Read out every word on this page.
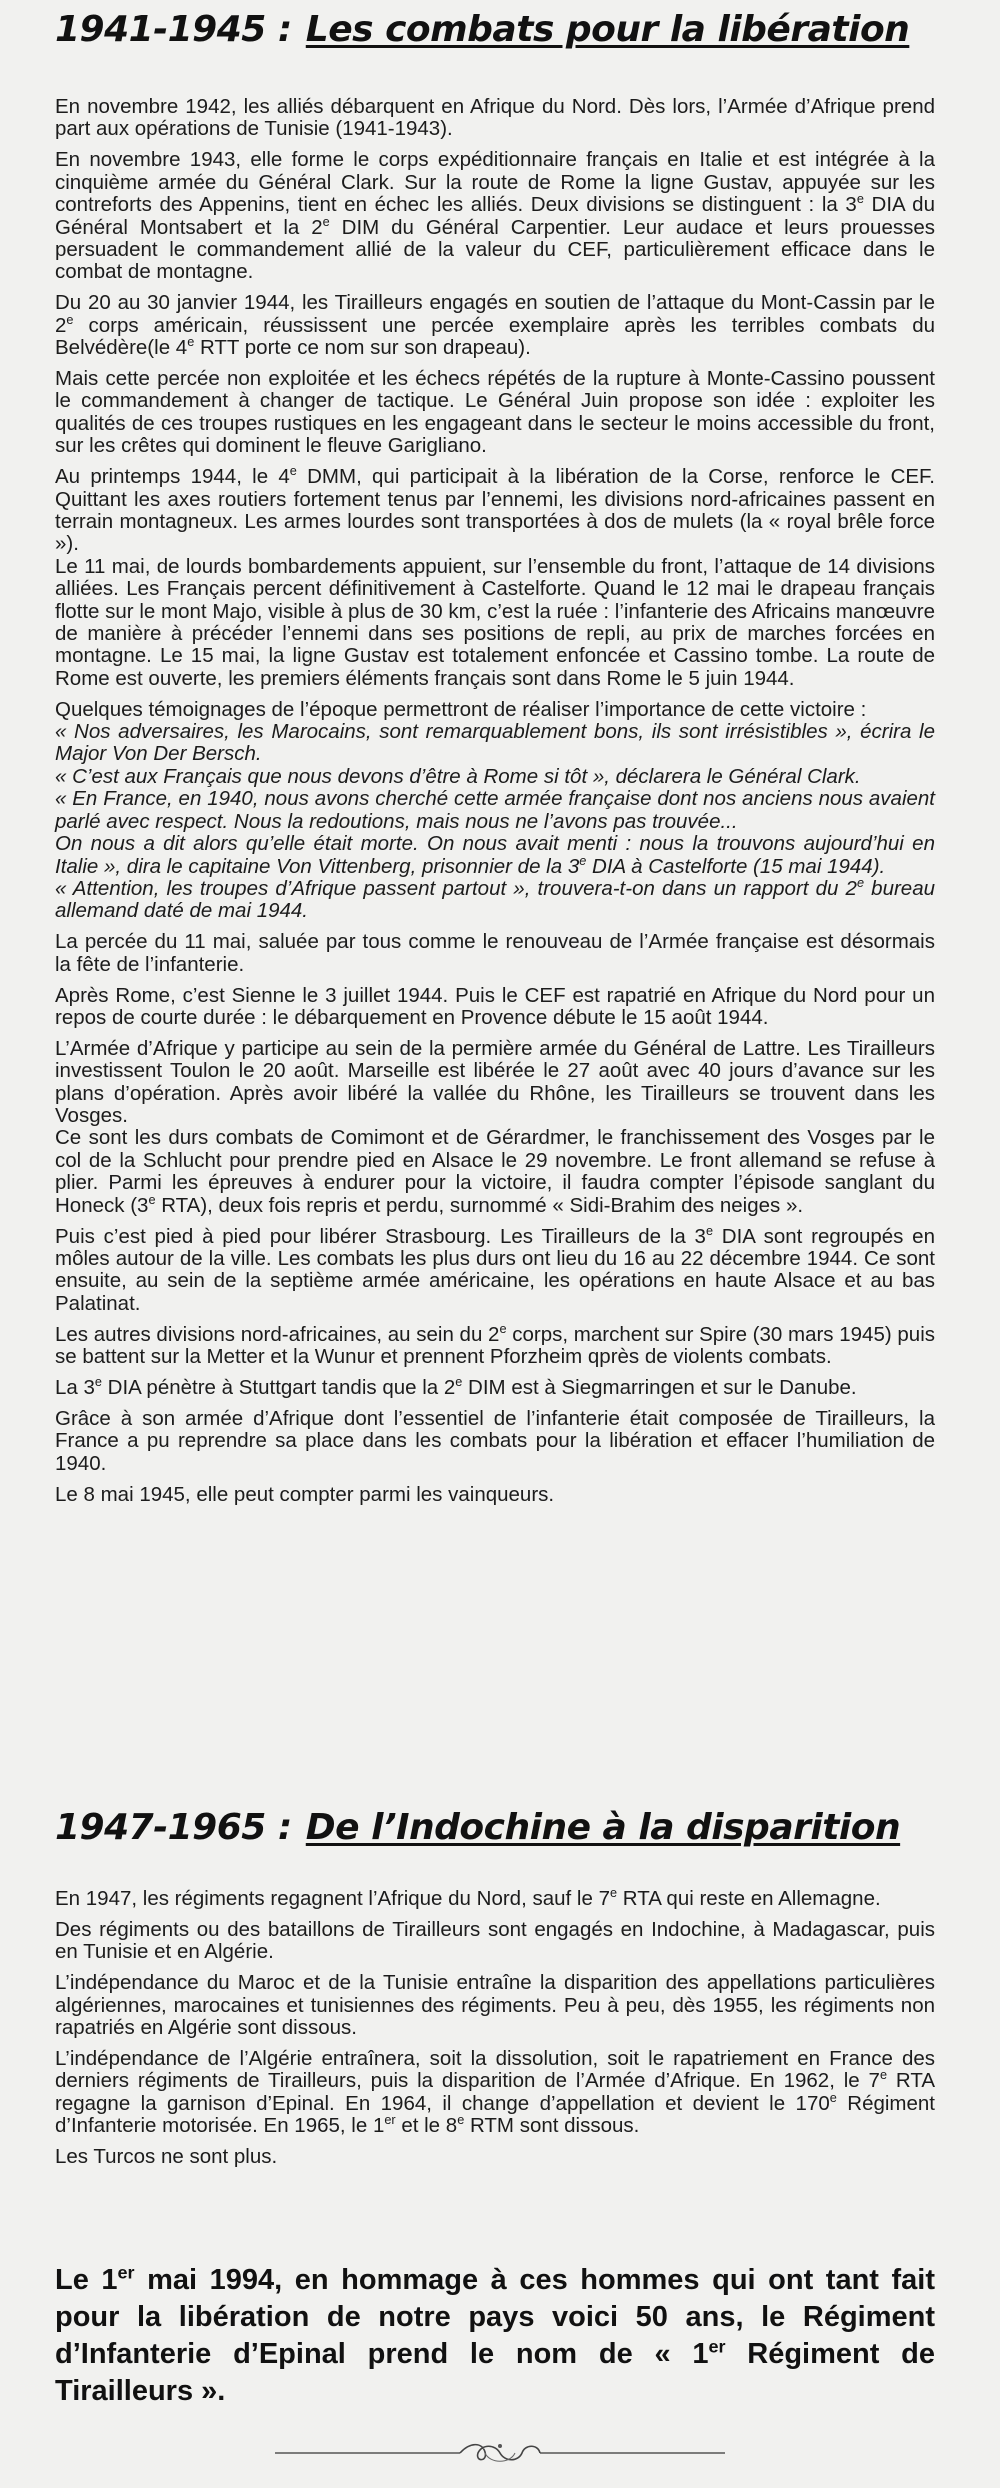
1941-1945 : Les combats pour la libération

En novembre 1942, les alliés débarquent en Afrique du Nord. Dès lors, l’Armée d’Afrique prend part aux opérations de Tunisie (1941-1943).

En novembre 1943, elle forme le corps expéditionnaire français en Italie et est intégrée à la cinquième armée du Général Clark. Sur la route de Rome la ligne Gustav, appuyée sur les contreforts des Appenins, tient en échec les alliés. Deux divisions se distinguent : la 3e DIA du Général Montsabert et la 2e DIM du Général Carpentier. Leur audace et leurs prouesses persuadent le commandement allié de la valeur du CEF, particulièrement efficace dans le combat de montagne.

Du 20 au 30 janvier 1944, les Tirailleurs engagés en soutien de l’attaque du Mont-Cassin par le 2e corps américain, réussissent une percée exemplaire après les terribles combats du Belvédère(le 4e RTT porte ce nom sur son drapeau).

Mais cette percée non exploitée et les échecs répétés de la rupture à Monte-Cassino poussent le commandement à changer de tactique. Le Général Juin propose son idée : exploiter les qualités de ces troupes rustiques en les engageant dans le secteur le moins accessible du front, sur les crêtes qui dominent le fleuve Garigliano.

Au printemps 1944, le 4e DMM, qui participait à la libération de la Corse, renforce le CEF. Quittant les axes routiers fortement tenus par l’ennemi, les divisions nord-africaines passent en terrain montagneux. Les armes lourdes sont transportées à dos de mulets (la « royal brêle force »).

Le 11 mai, de lourds bombardements appuient, sur l’ensemble du front, l’attaque de 14 divisions alliées. Les Français percent définitivement à Castelforte. Quand le 12 mai le drapeau français flotte sur le mont Majo, visible à plus de 30 km, c’est la ruée : l’infanterie des Africains manœuvre de manière à précéder l’ennemi dans ses positions de repli, au prix de marches forcées en montagne. Le 15 mai, la ligne Gustav est totalement enfoncée et Cassino tombe. La route de Rome est ouverte, les premiers éléments français sont dans Rome le 5 juin 1944.

Quelques témoignages de l’époque permettront de réaliser l’importance de cette victoire :

« Nos adversaires, les Marocains, sont remarquablement bons, ils sont irrésistibles », écrira le Major Von Der Bersch.

« C’est aux Français que nous devons d’être à Rome si tôt », déclarera le Général Clark.

« En France, en 1940, nous avons cherché cette armée française dont nos anciens nous avaient parlé avec respect. Nous la redoutions, mais nous ne l’avons pas trouvée...

On nous a dit alors qu’elle était morte. On nous avait menti : nous la trouvons aujourd’hui en Italie », dira le capitaine Von Vittenberg, prisonnier de la 3e DIA à Castelforte (15 mai 1944).

« Attention, les troupes d’Afrique passent partout », trouvera-t-on dans un rapport du 2e bureau allemand daté de mai 1944.

La percée du 11 mai, saluée par tous comme le renouveau de l’Armée française est désormais la fête de l’infanterie.

Après Rome, c’est Sienne le 3 juillet 1944. Puis le CEF est rapatrié en Afrique du Nord pour un repos de courte durée : le débarquement en Provence débute le 15 août 1944.

L’Armée d’Afrique y participe au sein de la permière armée du Général de Lattre. Les Tirailleurs investissent Toulon le 20 août. Marseille est libérée le 27 août avec 40 jours d’avance sur les plans d’opération. Après avoir libéré la vallée du Rhône, les Tirailleurs se trouvent dans les Vosges.

Ce sont les durs combats de Comimont et de Gérardmer, le franchissement des Vosges par le col de la Schlucht pour prendre pied en Alsace le 29 novembre. Le front allemand se refuse à plier. Parmi les épreuves à endurer pour la victoire, il faudra compter l’épisode sanglant du Honeck (3e RTA), deux fois repris et perdu, surnommé « Sidi-Brahim des neiges ».

Puis c’est pied à pied pour libérer Strasbourg. Les Tirailleurs de la 3e DIA sont regroupés en môles autour de la ville. Les combats les plus durs ont lieu du 16 au 22 décembre 1944. Ce sont ensuite, au sein de la septième armée américaine, les opérations en haute Alsace et au bas Palatinat.

Les autres divisions nord-africaines, au sein du 2e corps, marchent sur Spire (30 mars 1945) puis se battent sur la Metter et la Wunur et prennent Pforzheim qprès de violents combats.

La 3e DIA pénètre à Stuttgart tandis que la 2e DIM est à Siegmarringen et sur le Danube.

Grâce à son armée d’Afrique dont l’essentiel de l’infanterie était composée de Tirailleurs, la France a pu reprendre sa place dans les combats pour la libération et effacer l’humiliation de 1940.

Le 8 mai 1945, elle peut compter parmi les vainqueurs.

1947-1965 : De l’Indochine à la disparition

En 1947, les régiments regagnent l’Afrique du Nord, sauf le 7e RTA qui reste en Allemagne.

Des régiments ou des bataillons de Tirailleurs sont engagés en Indochine, à Madagascar, puis en Tunisie et en Algérie.

L’indépendance du Maroc et de la Tunisie entraîne la disparition des appellations particulières algériennes, marocaines et tunisiennes des régiments. Peu à peu, dès 1955, les régiments non rapatriés en Algérie sont dissous.

L’indépendance de l’Algérie entraînera, soit la dissolution, soit le rapatriement en France des derniers régiments de Tirailleurs, puis la disparition de l’Armée d’Afrique. En 1962, le 7e RTA regagne la garnison d’Epinal. En 1964, il change d’appellation et devient le 170e Régiment d’Infanterie motorisée. En 1965, le 1er et le 8e RTM sont dissous.

Les Turcos ne sont plus.

Le 1er mai 1994, en hommage à ces hommes qui ont tant fait pour la libération de notre pays voici 50 ans, le Régiment d’Infanterie d’Epinal prend le nom de « 1er Régiment de Tirailleurs ».
